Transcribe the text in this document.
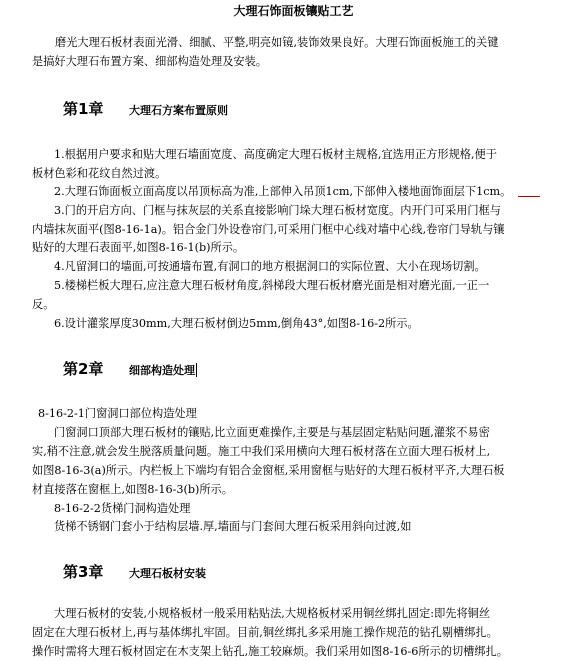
大理石饰面板镶贴工艺

磨光大理石板材表面光滑、细腻、平整,明亮如镜,装饰效果良好。大理石饰面板施工的关键

是搞好大理石布置方案、细部构造处理及安装。

第1章 大理石方案布置原则

1.根据用户要求和贴大理石墙面宽度、高度确定大理石板材主规格,宜选用正方形规格,便于

板材色彩和花纹自然过渡。

2.大理石饰面板立面高度以吊顶标高为准,上部伸入吊顶1cm,下部伸入楼地面饰面层下1cm。

3.门的开启方向、门框与抹灰层的关系直接影响门垛大理石板材宽度。内开门可采用门框与

内墙抹灰面平(图8-16-1a)。铝合金门外设卷帘门,可采用门框中心线对墙中心线,卷帘门导轨与镶

贴好的大理石表面平,如图8-16-1(b)所示。

4.凡留洞口的墙面,可按通墙布置,有洞口的地方根据洞口的实际位置、大小在现场切割。

5.楼梯栏板大理石,应注意大理石板材角度,斜梯段大理石板材磨光面是相对磨光面,一正一

反。

6.设计灌浆厚度30mm,大理石板材倒边5mm,倒角43°,如图8-16-2所示。

第2章 细部构造处理

8-16-2-1门窗洞口部位构造处理

门窗洞口顶部大理石板材的镶贴,比立面更难操作,主要是与基层固定粘贴问题,灌浆不易密

实,稍不注意,就会发生脱落质量问题。施工中我们采用横向大理石板材落在立面大理石板材上,

如图8-16-3(a)所示。内栏板上下端均有铝合金窗框,采用窗框与贴好的大理石板材平齐,大理石板

材直接落在窗框上,如图8-16-3(b)所示。

8-16-2-2货梯门洞构造处理

货梯不锈钢门套小于结构层墙.厚,墙面与门套间大理石板采用斜向过渡,如

第3章 大理石板材安装

大理石板材的安装,小规格板材一般采用粘贴法,大规格板材采用铜丝绑扎固定:即先将铜丝

固定在大理石板材上,再与基体绑扎牢固。目前,铜丝绑扎多采用施工操作规范的钻孔剔槽绑扎。

操作时需将大理石板材固定在木支架上钻孔,施工较麻烦。我们采用如图8-16-6所示的切槽绑扎。
